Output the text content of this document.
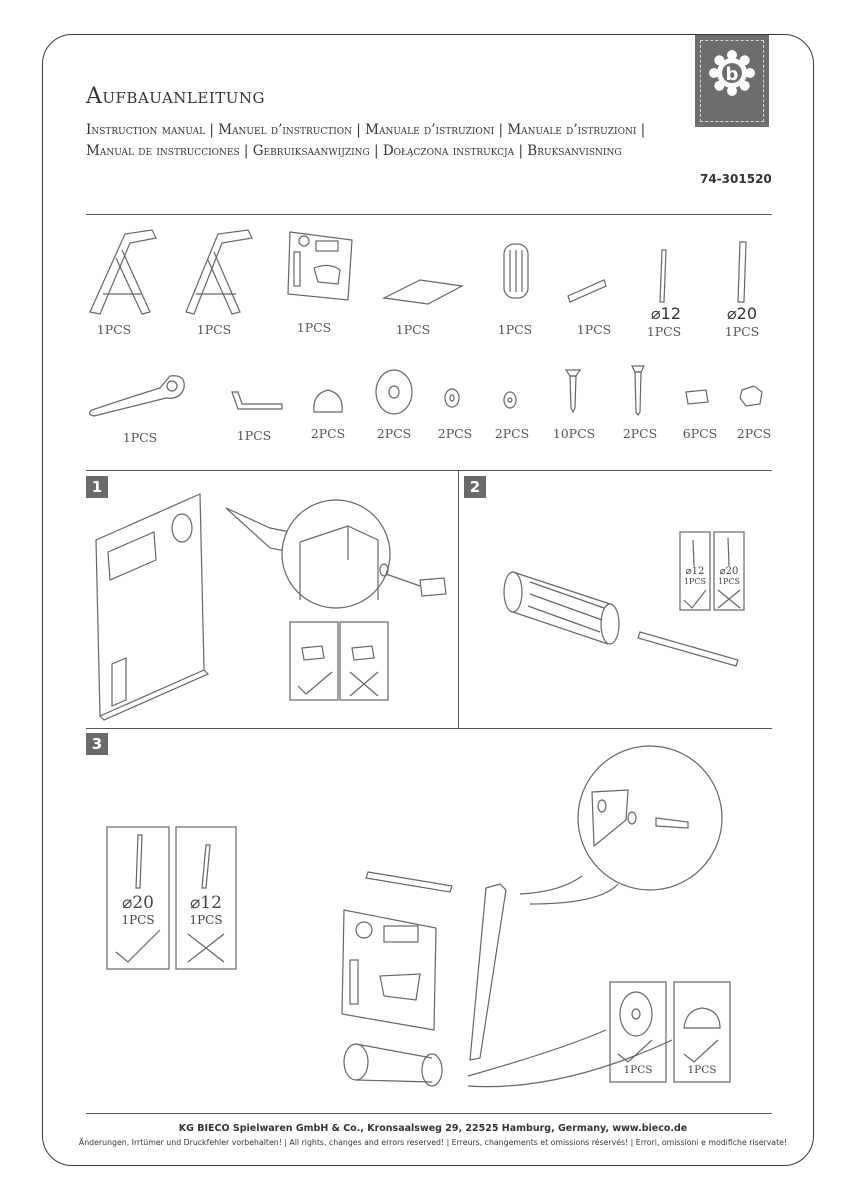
b
Aufbauanleitung
Instruction manual | Manuel d’instruction | Manuale d’istruzioni | Manuale d’istruzioni | Manual de instrucciones | Gebruiksaanwijzing | Dołączona instrukcja | Bruksanvisning
74-301520
1PCS	1PCS	1PCS	1PCS	1PCS	1PCS
⌀12
1PCS
⌀20
1PCS
1PCS	1PCS	2PCS	2PCS	2PCS	2PCS	10PCS	2PCS	6PCS	2PCS
1	2
3
⌀12
1PCS
⌀20
1PCS
⌀20
1PCS
⌀12
1PCS
1PCS	1PCS
KG BIECO Spielwaren GmbH & Co., Kronsaalsweg 29, 22525 Hamburg, Germany, www.bieco.de
Änderungen, Irrtümer und Druckfehler vorbehalten! | All rights, changes and errors reserved! | Erreurs, changements et omissions réservés! | Errori, omissioni e modifiche riservate!
